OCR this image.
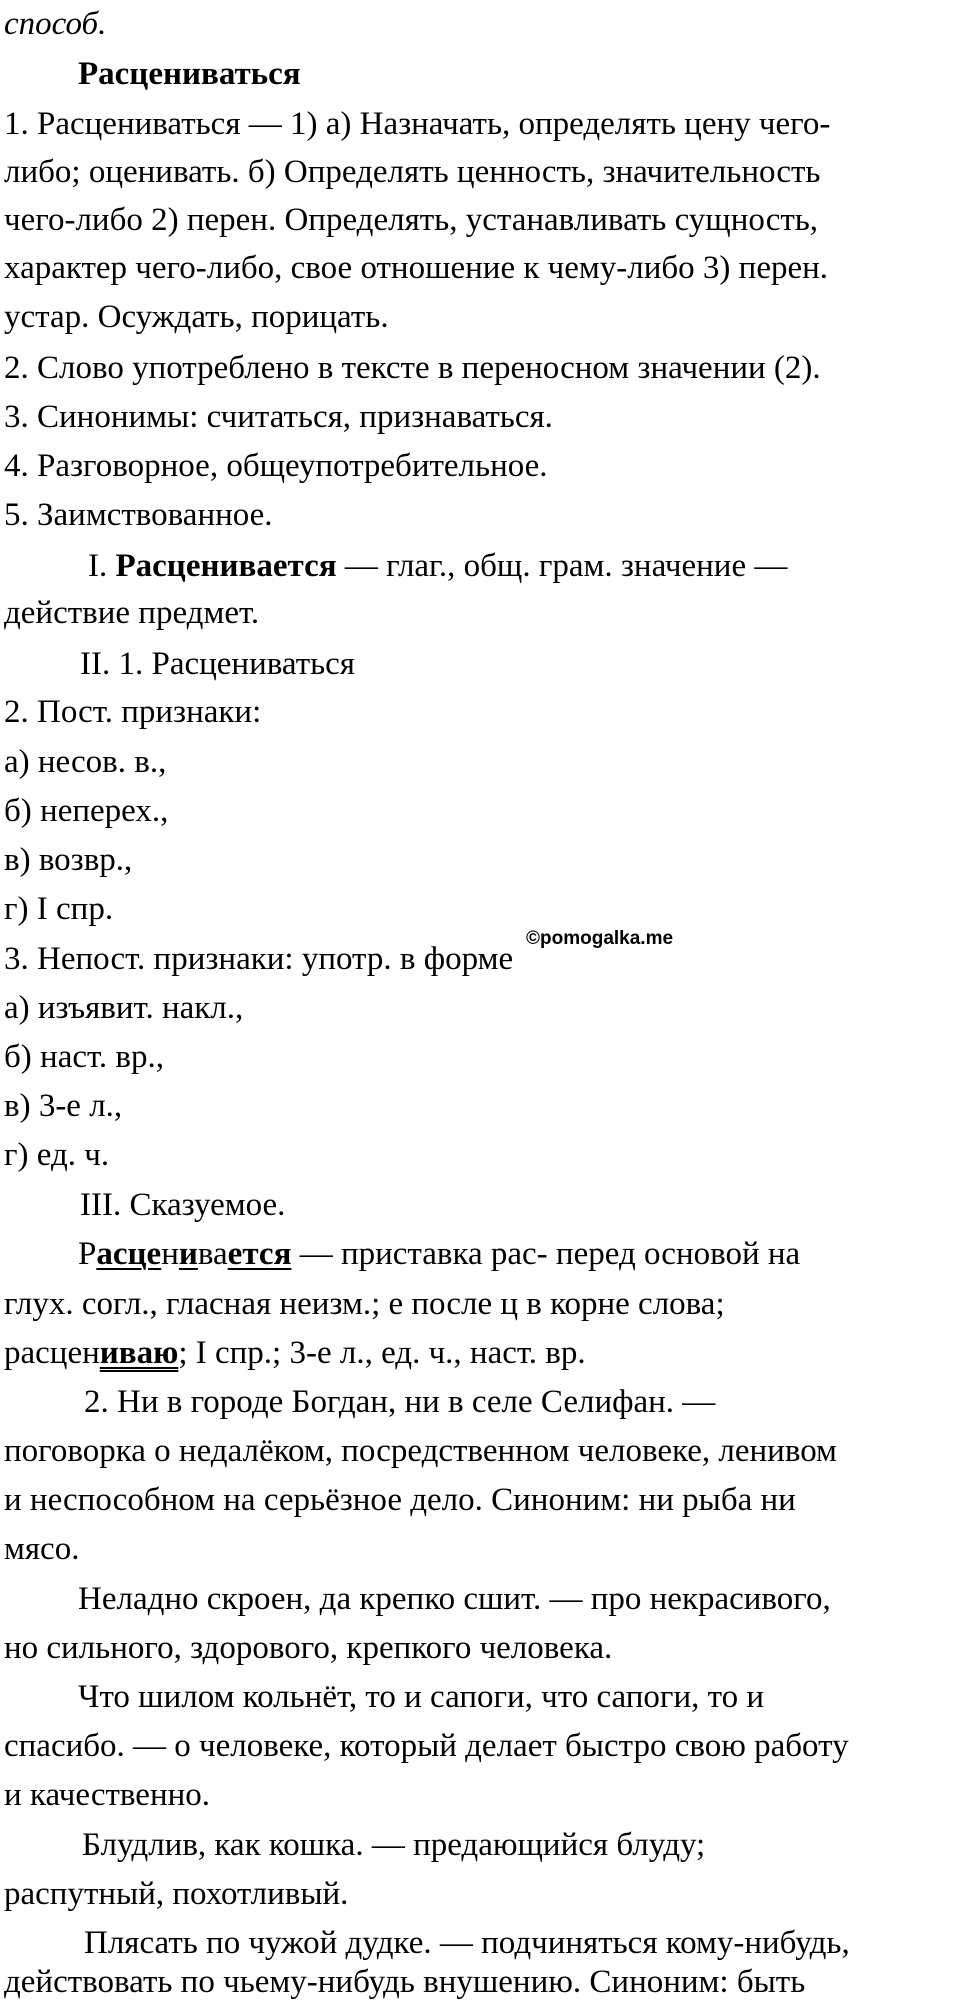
способ.
Расцениваться
1. Расцениваться — 1) а) Назначать, определять цену чего-
либо; оценивать. б) Определять ценность, значительность
чего-либо 2) перен. Определять, устанавливать сущность,
характер чего-либо, свое отношение к чему-либо 3) перен.
устар. Осуждать, порицать.
2. Слово употреблено в тексте в переносном значении (2).
3. Синонимы: считаться, признаваться.
4. Разговорное, общеупотребительное.
5. Заимствованное.
I. Расценивается — глаг., общ. грам. значение —
действие предмет.
II. 1. Расцениваться
2. Пост. признаки:
а) несов. в.,
б) неперех.,
в) возвр.,
г) I спр.
3. Непост. признаки: употр. в форме
а) изъявит. накл.,
б) наст. вр.,
в) 3-е л.,
г) ед. ч.
III. Сказуемое.
Расценивается — приставка рас- перед основой на
глух. согл., гласная неизм.; е после ц в корне слова;
расцениваю; I спр.; 3-е л., ед. ч., наст. вр.
2. Ни в городе Богдан, ни в селе Селифан. —
поговорка о недалёком, посредственном человеке, ленивом
и неспособном на серьёзное дело. Синоним: ни рыба ни
мясо.
Неладно скроен, да крепко сшит. — про некрасивого,
но сильного, здорового, крепкого человека.
Что шилом кольнёт, то и сапоги, что сапоги, то и
спасибо. — о человеке, который делает быстро свою работу
и качественно.
Блудлив, как кошка. — предающийся блуду;
распутный, похотливый.
Плясать по чужой дудке. — подчиняться кому-нибудь,
действовать по чьему-нибудь внушению. Синоним: быть
©pomogalka.me
